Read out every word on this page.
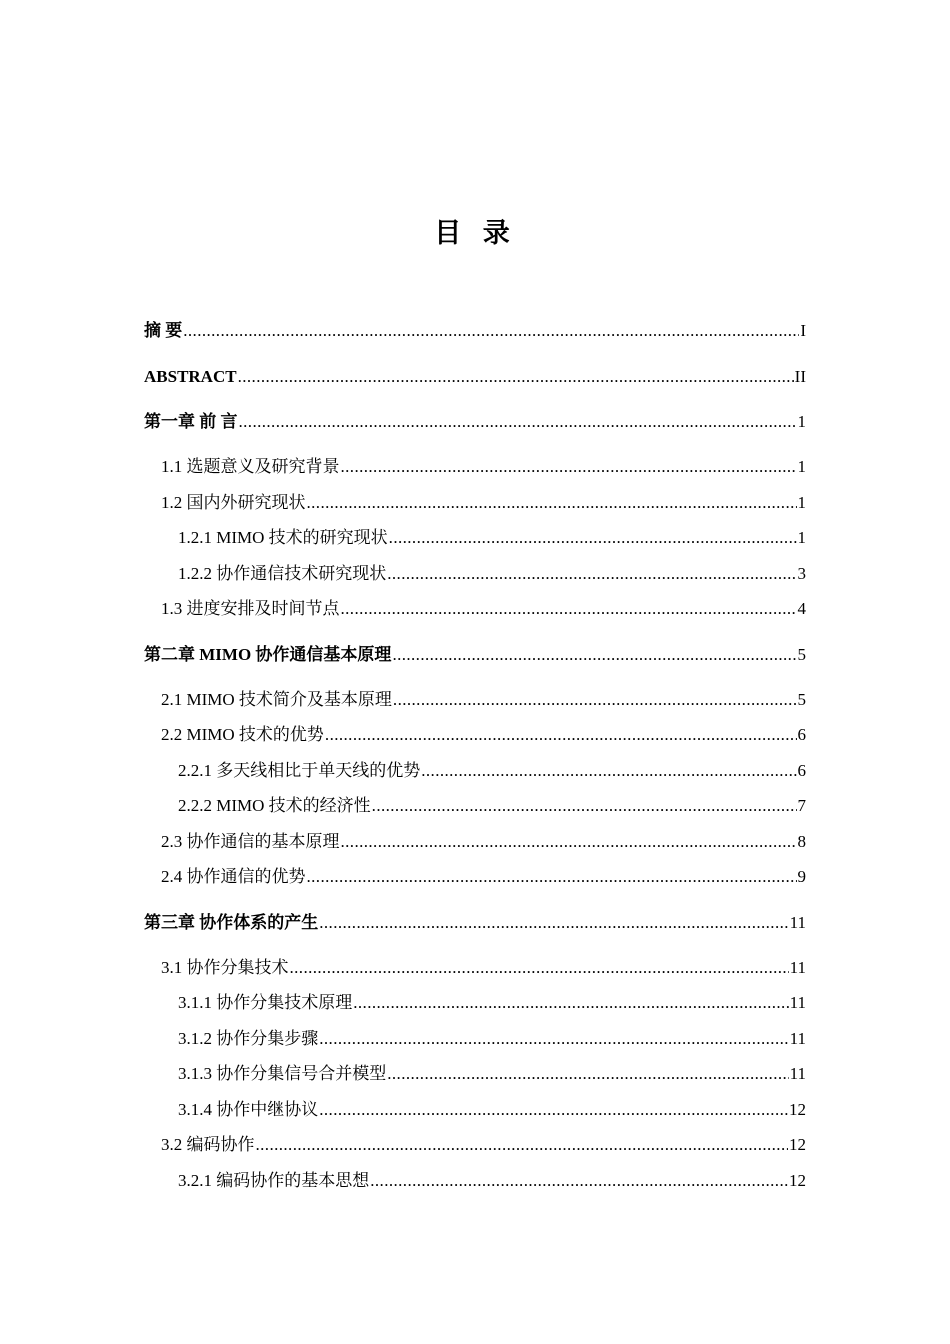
目 录
摘 要 .....	I
ABSTRACT .....	II
第一章 前 言 .....	1
1.1 选题意义及研究背景 .....	1
1.2 国内外研究现状 .....	1
1.2.1 MIMO 技术的研究现状 .....	1
1.2.2 协作通信技术研究现状 .....	3
1.3 进度安排及时间节点 .....	4
第二章 MIMO 协作通信基本原理 .....	5
2.1 MIMO 技术简介及基本原理 .....	5
2.2 MIMO 技术的优势 .....	6
2.2.1 多天线相比于单天线的优势 .....	6
2.2.2 MIMO 技术的经济性 .....	7
2.3 协作通信的基本原理 .....	8
2.4 协作通信的优势 .....	9
第三章 协作体系的产生 .....	11
3.1 协作分集技术 .....	11
3.1.1 协作分集技术原理 .....	11
3.1.2 协作分集步骤 .....	11
3.1.3 协作分集信号合并模型 .....	11
3.1.4 协作中继协议 .....	12
3.2 编码协作 .....	12
3.2.1 编码协作的基本思想 .....	12
